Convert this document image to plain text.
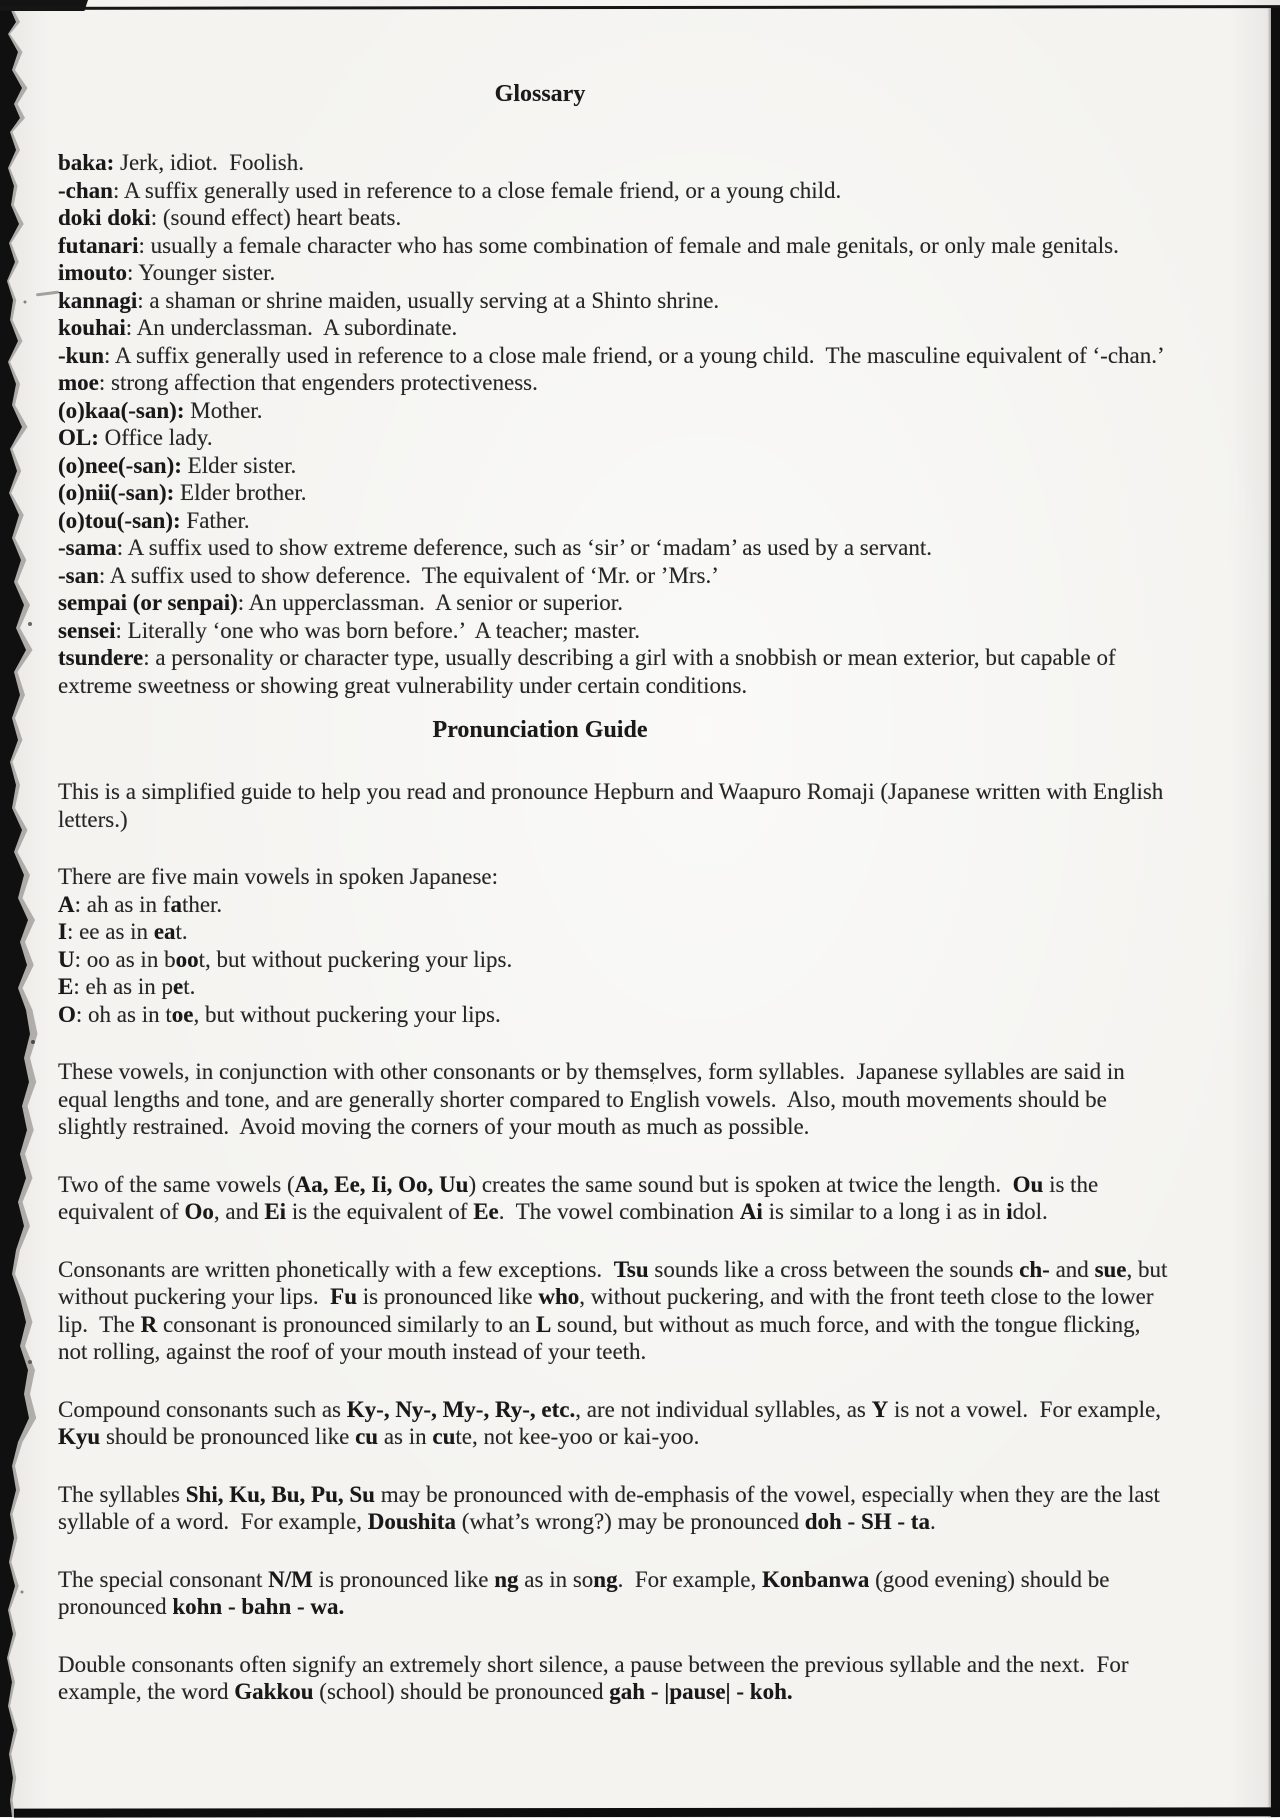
Glossary
baka: Jerk, idiot.  Foolish.
-chan: A suffix generally used in reference to a close female friend, or a young child.
doki doki: (sound effect) heart beats.
futanari: usually a female character who has some combination of female and male genitals, or only male genitals.
imouto: Younger sister.
kannagi: a shaman or shrine maiden, usually serving at a Shinto shrine.
kouhai: An underclassman.  A subordinate.
-kun: A suffix generally used in reference to a close male friend, or a young child.  The masculine equivalent of ‘-chan.’
moe: strong affection that engenders protectiveness.
(o)kaa(-san): Mother.
OL: Office lady.
(o)nee(-san): Elder sister.
(o)nii(-san): Elder brother.
(o)tou(-san): Father.
-sama: A suffix used to show extreme deference, such as ‘sir’ or ‘madam’ as used by a servant.
-san: A suffix used to show deference.  The equivalent of ‘Mr. or ’Mrs.’
sempai (or senpai): An upperclassman.  A senior or superior.
sensei: Literally ‘one who was born before.’  A teacher; master.
tsundere: a personality or character type, usually describing a girl with a snobbish or mean exterior, but capable of extreme sweetness or showing great vulnerability under certain conditions.
Pronunciation Guide
This is a simplified guide to help you read and pronounce Hepburn and Waapuro Romaji (Japanese written with English letters.)
There are five main vowels in spoken Japanese:
A: ah as in father.
I: ee as in eat.
U: oo as in boot, but without puckering your lips.
E: eh as in pet.
O: oh as in toe, but without puckering your lips.
These vowels, in conjunction with other consonants or by themselves, form syllables.  Japanese syllables are said in equal lengths and tone, and are generally shorter compared to English vowels.  Also, mouth movements should be slightly restrained.  Avoid moving the corners of your mouth as much as possible.
Two of the same vowels (Aa, Ee, Ii, Oo, Uu) creates the same sound but is spoken at twice the length.  Ou is the equivalent of Oo, and Ei is the equivalent of Ee.  The vowel combination Ai is similar to a long i as in idol.
Consonants are written phonetically with a few exceptions.  Tsu sounds like a cross between the sounds ch- and sue, but without puckering your lips.  Fu is pronounced like who, without puckering, and with the front teeth close to the lower lip.  The R consonant is pronounced similarly to an L sound, but without as much force, and with the tongue flicking, not rolling, against the roof of your mouth instead of your teeth.
Compound consonants such as Ky-, Ny-, My-, Ry-, etc., are not individual syllables, as Y is not a vowel.  For example, Kyu should be pronounced like cu as in cute, not kee-yoo or kai-yoo.
The syllables Shi, Ku, Bu, Pu, Su may be pronounced with de-emphasis of the vowel, especially when they are the last syllable of a word.  For example, Doushita (what’s wrong?) may be pronounced doh - SH - ta.
The special consonant N/M is pronounced like ng as in song.  For example, Konbanwa (good evening) should be pronounced kohn - bahn - wa.
Double consonants often signify an extremely short silence, a pause between the previous syllable and the next.  For example, the word Gakkou (school) should be pronounced gah - |pause| - koh.
